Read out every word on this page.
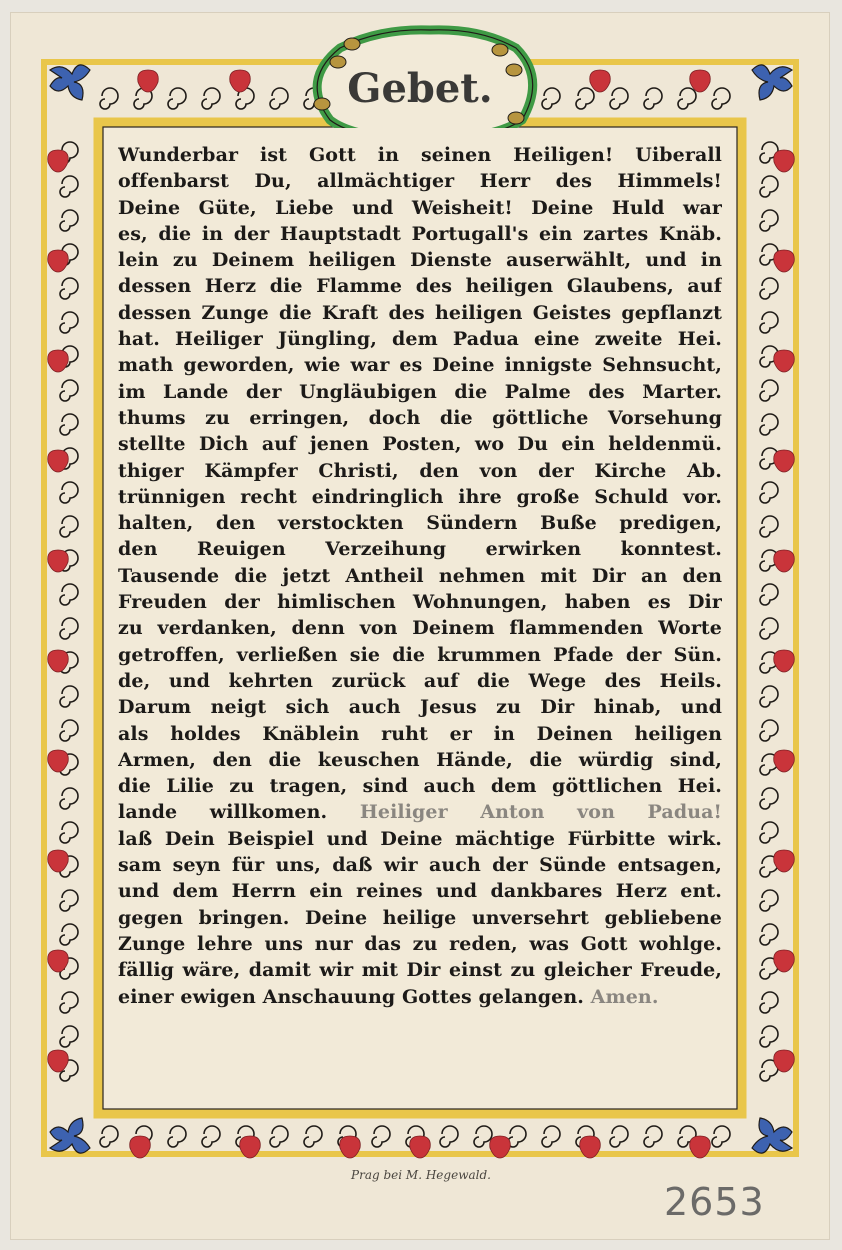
Gebet.
Wunderbar ist Gott in seinen Heiligen! Uiberall
offenbarst Du, allmächtiger Herr des Himmels!
Deine Güte, Liebe und Weisheit! Deine Huld war
es, die in der Hauptstadt Portugall's ein zartes Knäb.
lein zu Deinem heiligen Dienste auserwählt, und in
dessen Herz die Flamme des heiligen Glaubens, auf
dessen Zunge die Kraft des heiligen Geistes gepflanzt
hat. Heiliger Jüngling, dem Padua eine zweite Hei.
math geworden, wie war es Deine innigste Sehnsucht,
im Lande der Ungläubigen die Palme des Marter.
thums zu erringen, doch die göttliche Vorsehung
stellte Dich auf jenen Posten, wo Du ein heldenmü.
thiger Kämpfer Christi, den von der Kirche Ab.
trünnigen recht eindringlich ihre große Schuld vor.
halten, den verstockten Sündern Buße predigen,
den Reuigen Verzeihung erwirken konntest.
Tausende die jetzt Antheil nehmen mit Dir an den
Freuden der himlischen Wohnungen, haben es Dir
zu verdanken, denn von Deinem flammenden Worte
getroffen, verließen sie die krummen Pfade der Sün.
de, und kehrten zurück auf die Wege des Heils.
Darum neigt sich auch Jesus zu Dir hinab, und
als holdes Knäblein ruht er in Deinen heiligen
Armen, den die keuschen Hände, die würdig sind,
die Lilie zu tragen, sind auch dem göttlichen Hei.
lande willkomen. Heiliger Anton von Padua!
laß Dein Beispiel und Deine mächtige Fürbitte wirk.
sam seyn für uns, daß wir auch der Sünde entsagen,
und dem Herrn ein reines und dankbares Herz ent.
gegen bringen. Deine heilige unversehrt gebliebene
Zunge lehre uns nur das zu reden, was Gott wohlge.
fällig wäre, damit wir mit Dir einst zu gleicher Freude,
einer ewigen Anschauung Gottes gelangen. Amen.
Prag bei M. Hegewald.
2653
